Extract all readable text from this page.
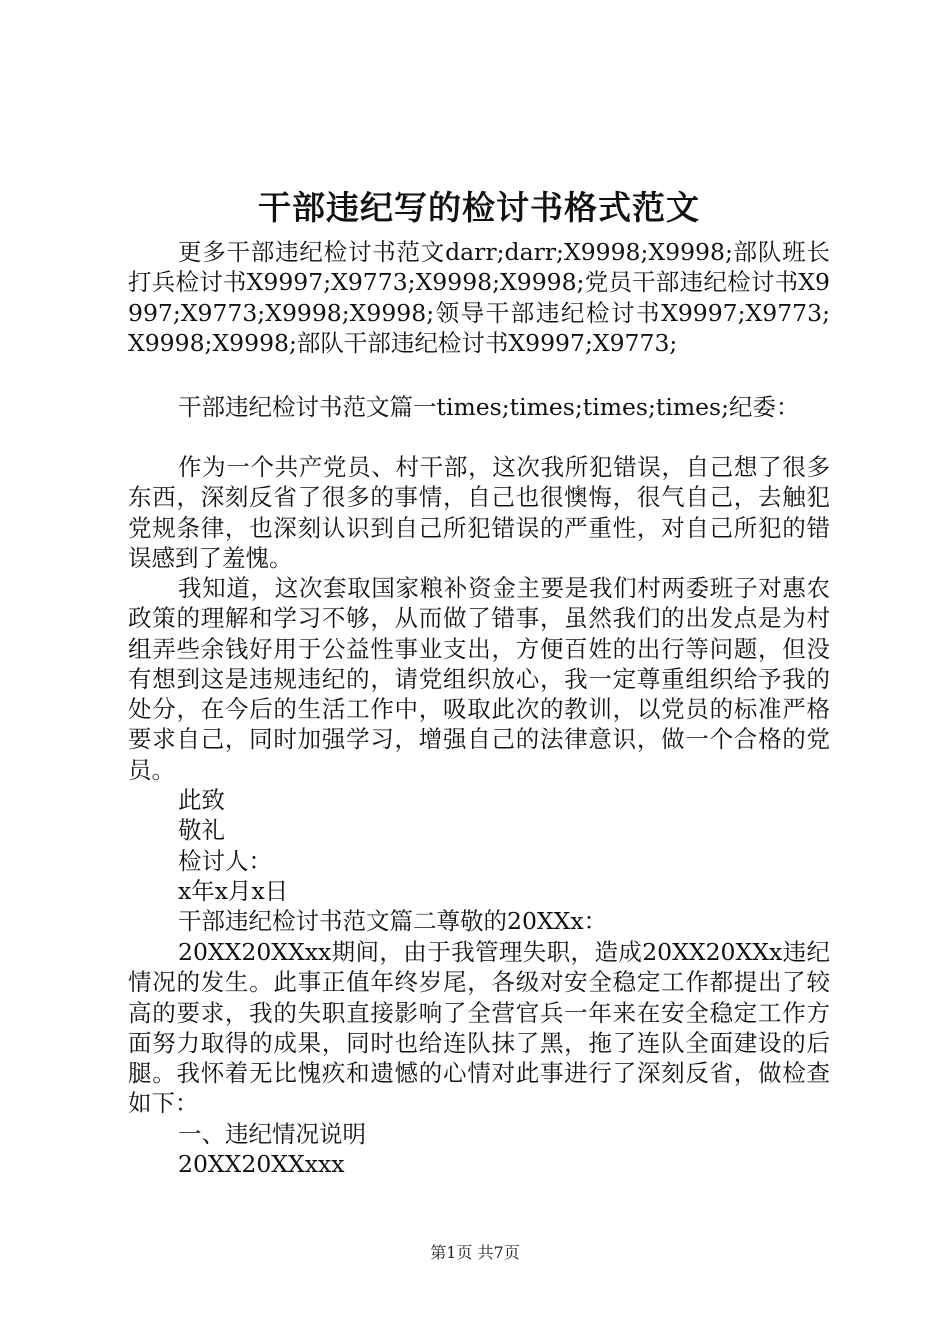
干部违纪写的检讨书格式范文

更多干部违纪检讨书范文darr;darr;X9998;X9998;部队班长打兵检讨书X9997;X9773;X9998;X9998;党员干部违纪检讨书X9997;X9773;X9998;X9998;领导干部违纪检讨书X9997;X9773;X9998;X9998;部队干部违纪检讨书X9997;X9773;

干部违纪检讨书范文篇一times;times;times;times;纪委：

作为一个共产党员、村干部，这次我所犯错误，自己想了很多东西，深刻反省了很多的事情，自己也很懊悔，很气自己，去触犯党规条律，也深刻认识到自己所犯错误的严重性，对自己所犯的错误感到了羞愧。

我知道，这次套取国家粮补资金主要是我们村两委班子对惠农政策的理解和学习不够，从而做了错事，虽然我们的出发点是为村组弄些余钱好用于公益性事业支出，方便百姓的出行等问题，但没有想到这是违规违纪的，请党组织放心，我一定尊重组织给予我的处分，在今后的生活工作中，吸取此次的教训，以党员的标准严格要求自己，同时加强学习，增强自己的法律意识，做一个合格的党员。

此致
敬礼
检讨人：
x年x月x日
干部违纪检讨书范文篇二尊敬的20XXx：

20XX20XXxx期间，由于我管理失职，造成20XX20XXx违纪情况的发生。此事正值年终岁尾，各级对安全稳定工作都提出了较高的要求，我的失职直接影响了全营官兵一年来在安全稳定工作方面努力取得的成果，同时也给连队抹了黑，拖了连队全面建设的后腿。我怀着无比愧疚和遗憾的心情对此事进行了深刻反省，做检查如下：

一、违纪情况说明
20XX20XXxxx
第1页 共7页
